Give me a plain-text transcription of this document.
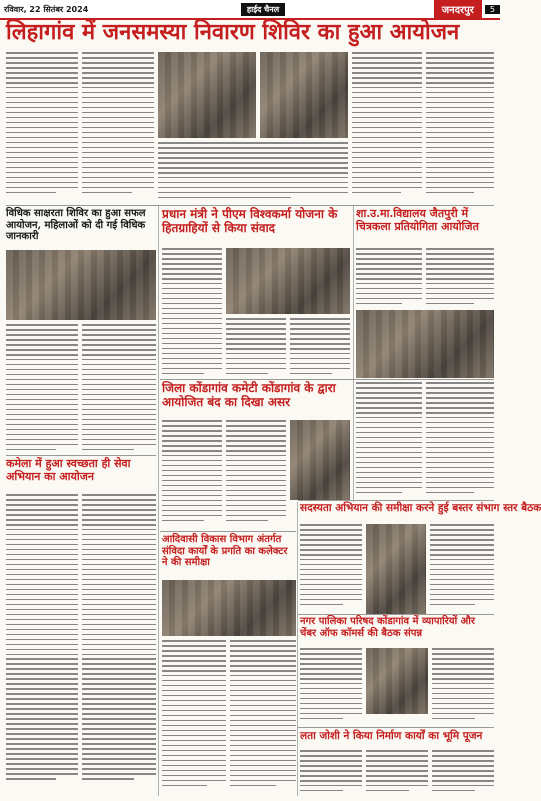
रविवार, 22 सितंबर 2024	हाईद चैनल	जनदरपुर	5
लिहागांव में जनसमस्या निवारण शिविर का हुआ आयोजन
विधिक साक्षरता शिविर का हुआ सफल आयोजन, महिलाओं को दी गई विधिक जानकारी
प्रधान मंत्री ने पीएम विश्वकर्मा योजना के हितग्राहियों से किया संवाद
शा.उ.मा.विद्यालय जैतपुरी में चित्रकला प्रतियोगिता आयोजित
जिला कोंडागांव कमेटी कोंडागांव के द्वारा आयोजित बंद का दिखा असर
कमेला में हुआ स्वच्छता ही सेवा अभियान का आयोजन
सदस्यता अभियान की समीक्षा करने हुई बस्तर संभाग स्तर बैठक
नगर पालिका परिषद कोंडागांव में व्यापारियों और चेंबर ऑफ कॉमर्स की बैठक संपन्न
आदिवासी विकास विभाग अंतर्गत संविदा कार्यों के प्रगति का कलेक्टर ने की समीक्षा
लता जोशी ने किया निर्माण कार्यों का भूमि पूजन
